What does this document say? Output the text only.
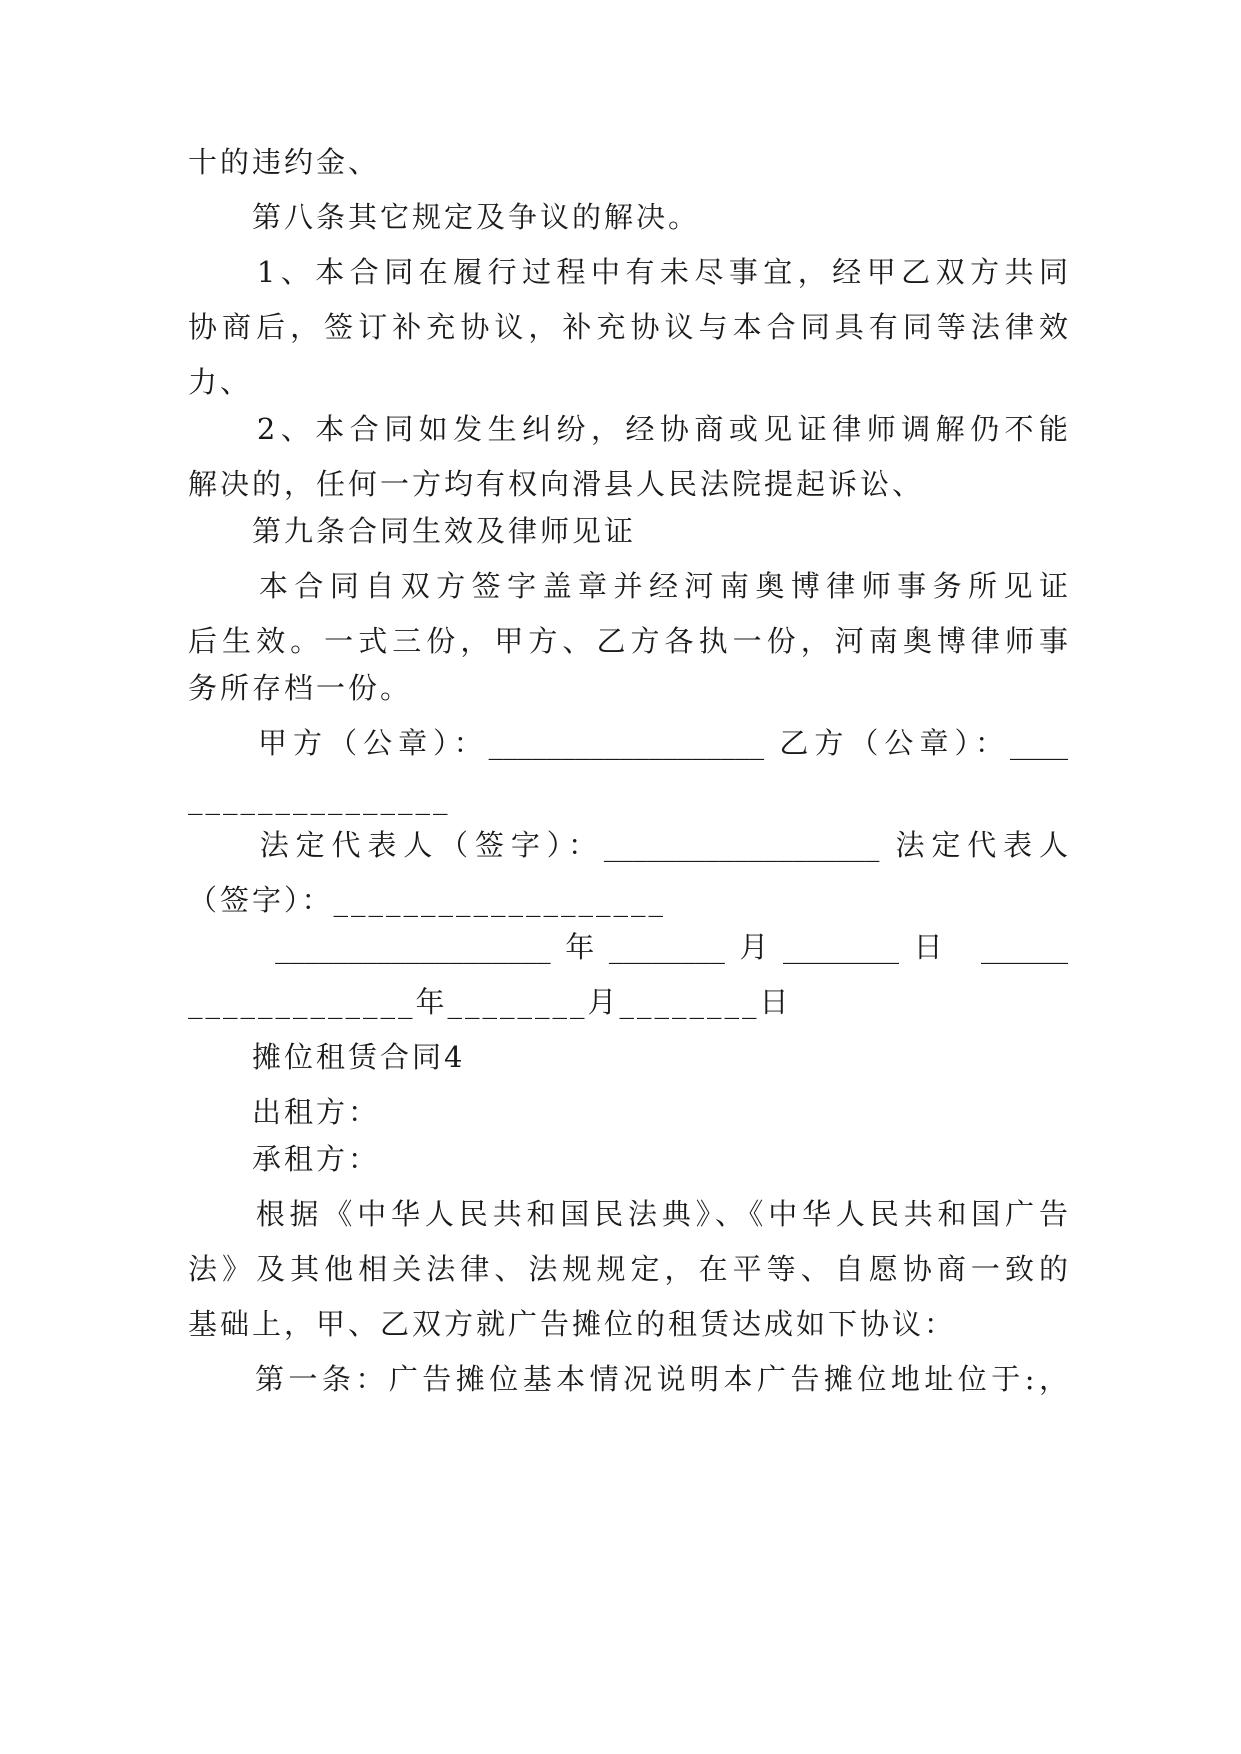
十的违约金、

　　第八条其它规定及争议的解决。

　　1、本合同在履行过程中有未尽事宜，经甲乙双方共同

协商后，签订补充协议，补充协议与本合同具有同等法律效

力、

　　2、本合同如发生纠纷，经协商或见证律师调解仍不能

解决的，任何一方均有权向滑县人民法院提起诉讼、

　　第九条合同生效及律师见证

　　本合同自双方签字盖章并经河南奥博律师事务所见证

后生效。一式三份，甲方、乙方各执一份，河南奥博律师事

务所存档一份。

　　甲方（公章）：___________________ 乙方（公章）：____

_______________

　　法定代表人（签字）：___________________ 法定代表人

（签字）：___________________

　　___________________年________月________日 ______

_____________年________月________日

　　摊位租赁合同4

　　出租方：

　　承租方：

　　根据《中华人民共和国民法典》、《中华人民共和国广告

法》及其他相关法律、法规规定，在平等、自愿协商一致的

基础上，甲、乙双方就广告摊位的租赁达成如下协议：

　　第一条：广告摊位基本情况说明本广告摊位地址位于:，
